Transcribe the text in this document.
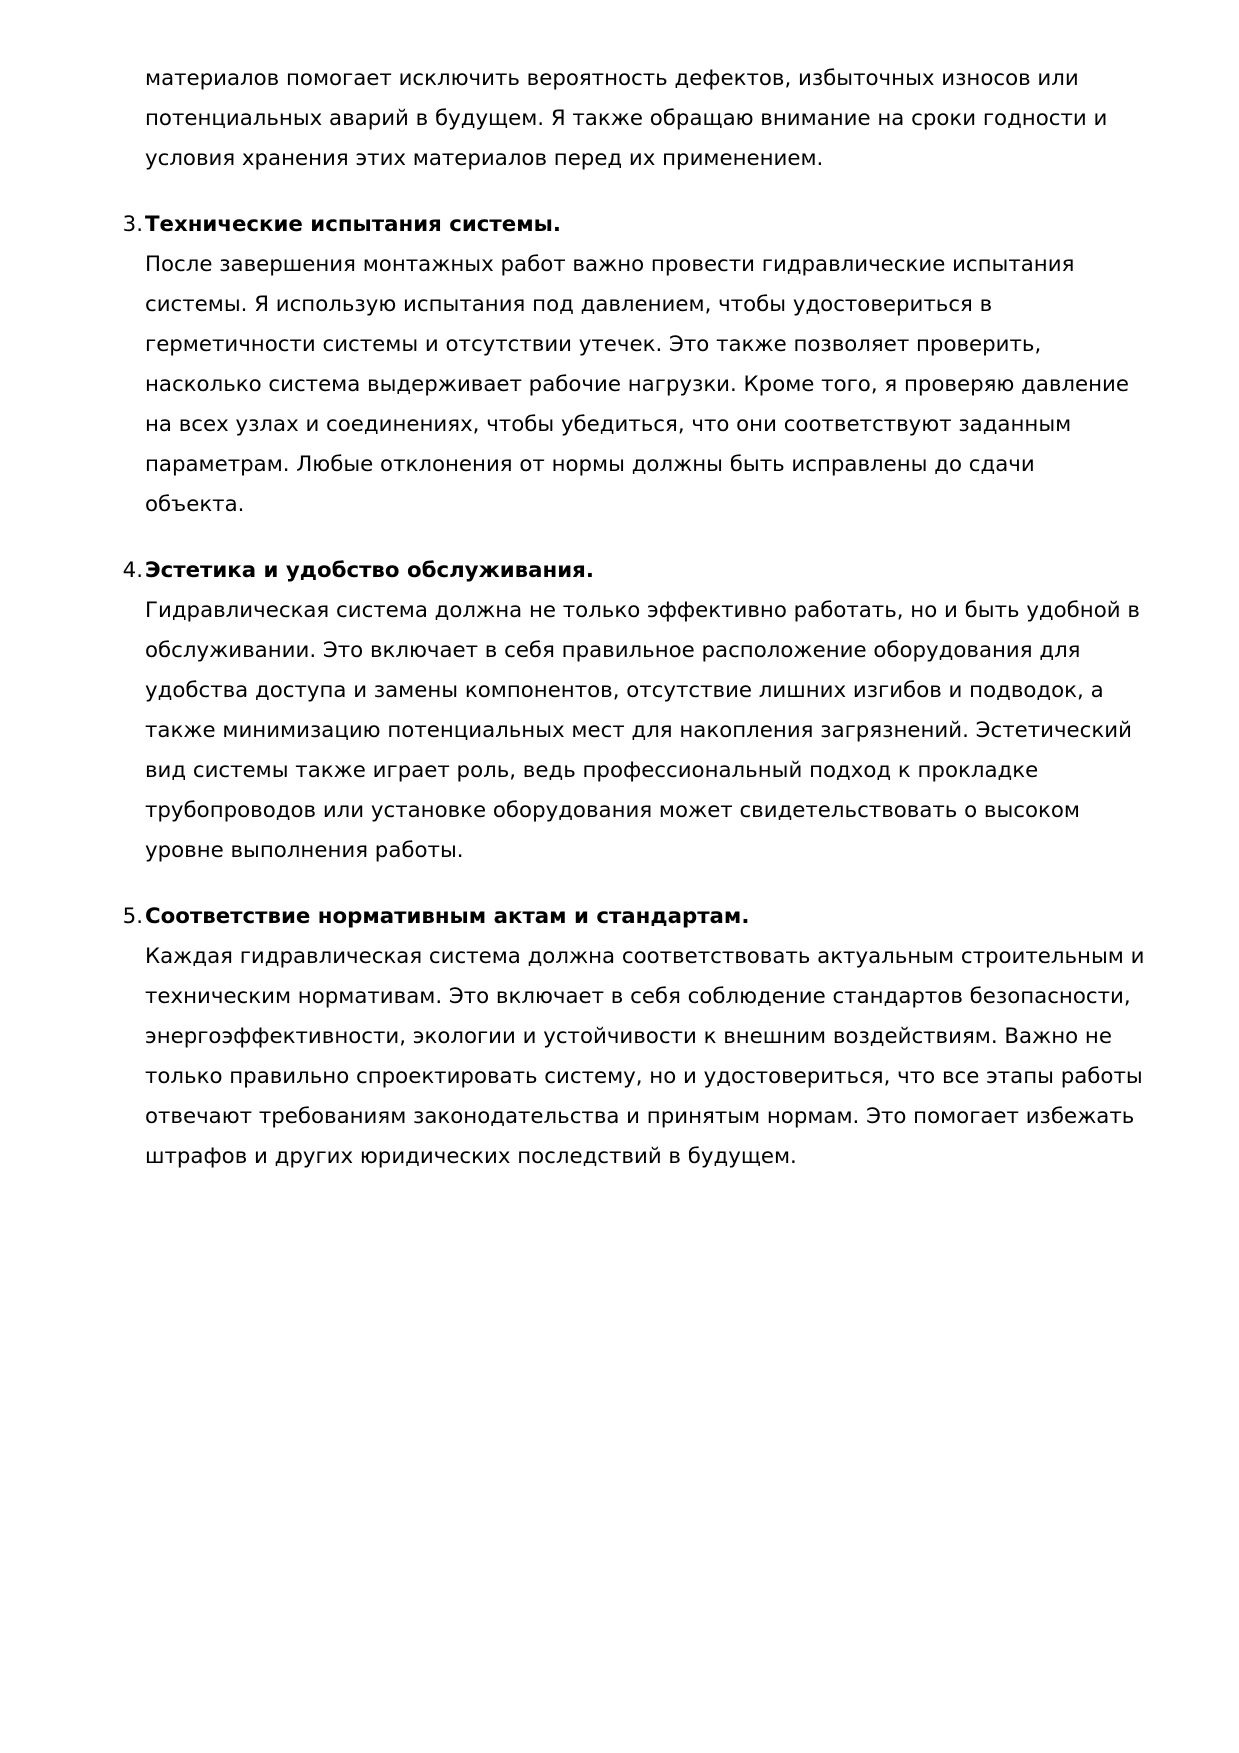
материалов помогает исключить вероятность дефектов, избыточных износов или
потенциальных аварий в будущем. Я также обращаю внимание на сроки годности и
условия хранения этих материалов перед их применением.

3. Технические испытания системы.

После завершения монтажных работ важно провести гидравлические испытания
системы. Я использую испытания под давлением, чтобы удостовериться в
герметичности системы и отсутствии утечек. Это также позволяет проверить,
насколько система выдерживает рабочие нагрузки. Кроме того, я проверяю давление
на всех узлах и соединениях, чтобы убедиться, что они соответствуют заданным
параметрам. Любые отклонения от нормы должны быть исправлены до сдачи
объекта.

4. Эстетика и удобство обслуживания.

Гидравлическая система должна не только эффективно работать, но и быть удобной в
обслуживании. Это включает в себя правильное расположение оборудования для
удобства доступа и замены компонентов, отсутствие лишних изгибов и подводок, а
также минимизацию потенциальных мест для накопления загрязнений. Эстетический
вид системы также играет роль, ведь профессиональный подход к прокладке
трубопроводов или установке оборудования может свидетельствовать о высоком
уровне выполнения работы.

5. Соответствие нормативным актам и стандартам.

Каждая гидравлическая система должна соответствовать актуальным строительным и
техническим нормативам. Это включает в себя соблюдение стандартов безопасности,
энергоэффективности, экологии и устойчивости к внешним воздействиям. Важно не
только правильно спроектировать систему, но и удостовериться, что все этапы работы
отвечают требованиям законодательства и принятым нормам. Это помогает избежать
штрафов и других юридических последствий в будущем.
